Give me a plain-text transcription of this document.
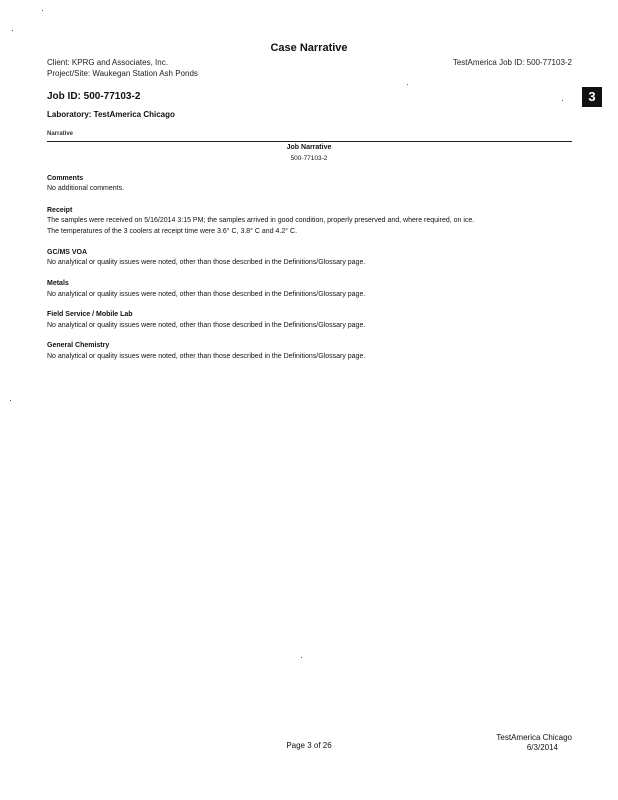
Case Narrative
Client: KPRG and Associates, Inc.
Project/Site: Waukegan Station Ash Ponds
TestAmerica Job ID: 500-77103-2
3
Job ID: 500-77103-2
Laboratory: TestAmerica Chicago
Narrative
Job Narrative
500-77103-2
Comments
No additional comments.
Receipt
The samples were received on 5/16/2014 3:15 PM; the samples arrived in good condition, properly preserved and, where required, on ice.
The temperatures of the 3 coolers at receipt time were 3.6° C, 3.8° C and 4.2° C.
GC/MS VOA
No analytical or quality issues were noted, other than those described in the Definitions/Glossary page.
Metals
No analytical or quality issues were noted, other than those described in the Definitions/Glossary page.
Field Service / Mobile Lab
No analytical or quality issues were noted, other than those described in the Definitions/Glossary page.
General Chemistry
No analytical or quality issues were noted, other than those described in the Definitions/Glossary page.
Page 3 of 26
TestAmerica Chicago
6/3/2014
